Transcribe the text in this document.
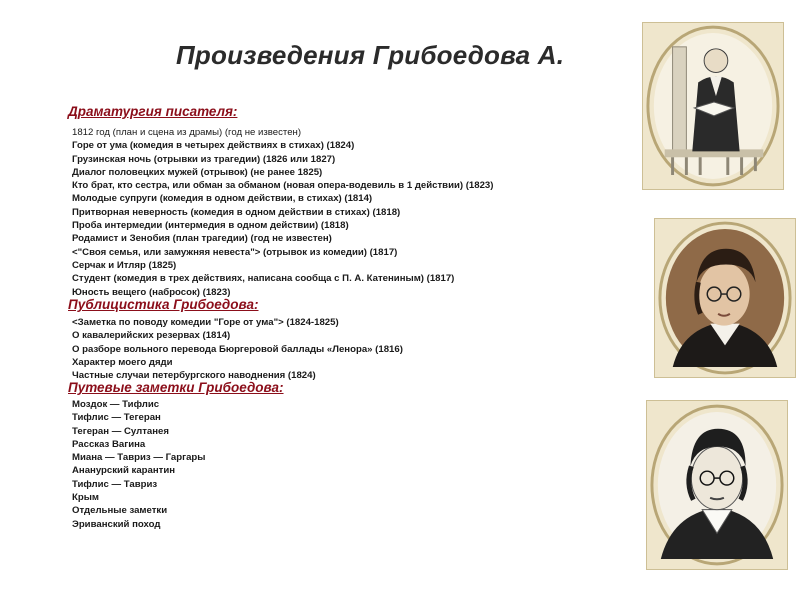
Произведения Грибоедова А.
Драматургия писателя:
1812 год (план и сцена из драмы) (год не известен)
Горе от ума (комедия в четырех действиях в стихах) (1824)
Грузинская ночь (отрывки из трагедии) (1826 или 1827)
Диалог половецких мужей (отрывок) (не ранее 1825)
Кто брат, кто сестра, или обман за обманом (новая опера-водевиль в 1 действии) (1823)
Молодые супруги (комедия в одном действии, в стихах) (1814)
Притворная неверность (комедия в одном действии в стихах) (1818)
Проба интермедии (интермедия в одном действии) (1818)
Родамист и Зенобия (план трагедии) (год не известен)
<"Своя семья, или замужняя невеста"> (отрывок из комедии) (1817)
Серчак и Итляр (1825)
Студент (комедия в трех действиях, написана сообща с П. А. Катениным) (1817)
Юность вещего (набросок) (1823)
Публицистика Грибоедова:
<Заметка по поводу комедии "Горе от ума"> (1824-1825)
О кавалерийских резервах (1814)
О разборе вольного перевода Бюргеровой баллады «Ленора» (1816)
Характер моего дяди
Частные случаи петербургского наводнения (1824)
Путевые заметки Грибоедова:
Моздок — Тифлис
Тифлис — Тегеран
Тегеран — Султанея
Рассказ Вагина
Миана — Тавриз — Гаргары
Ананурский карантин
Тифлис — Тавриз
Крым
Отдельные заметки
Эриванский поход
